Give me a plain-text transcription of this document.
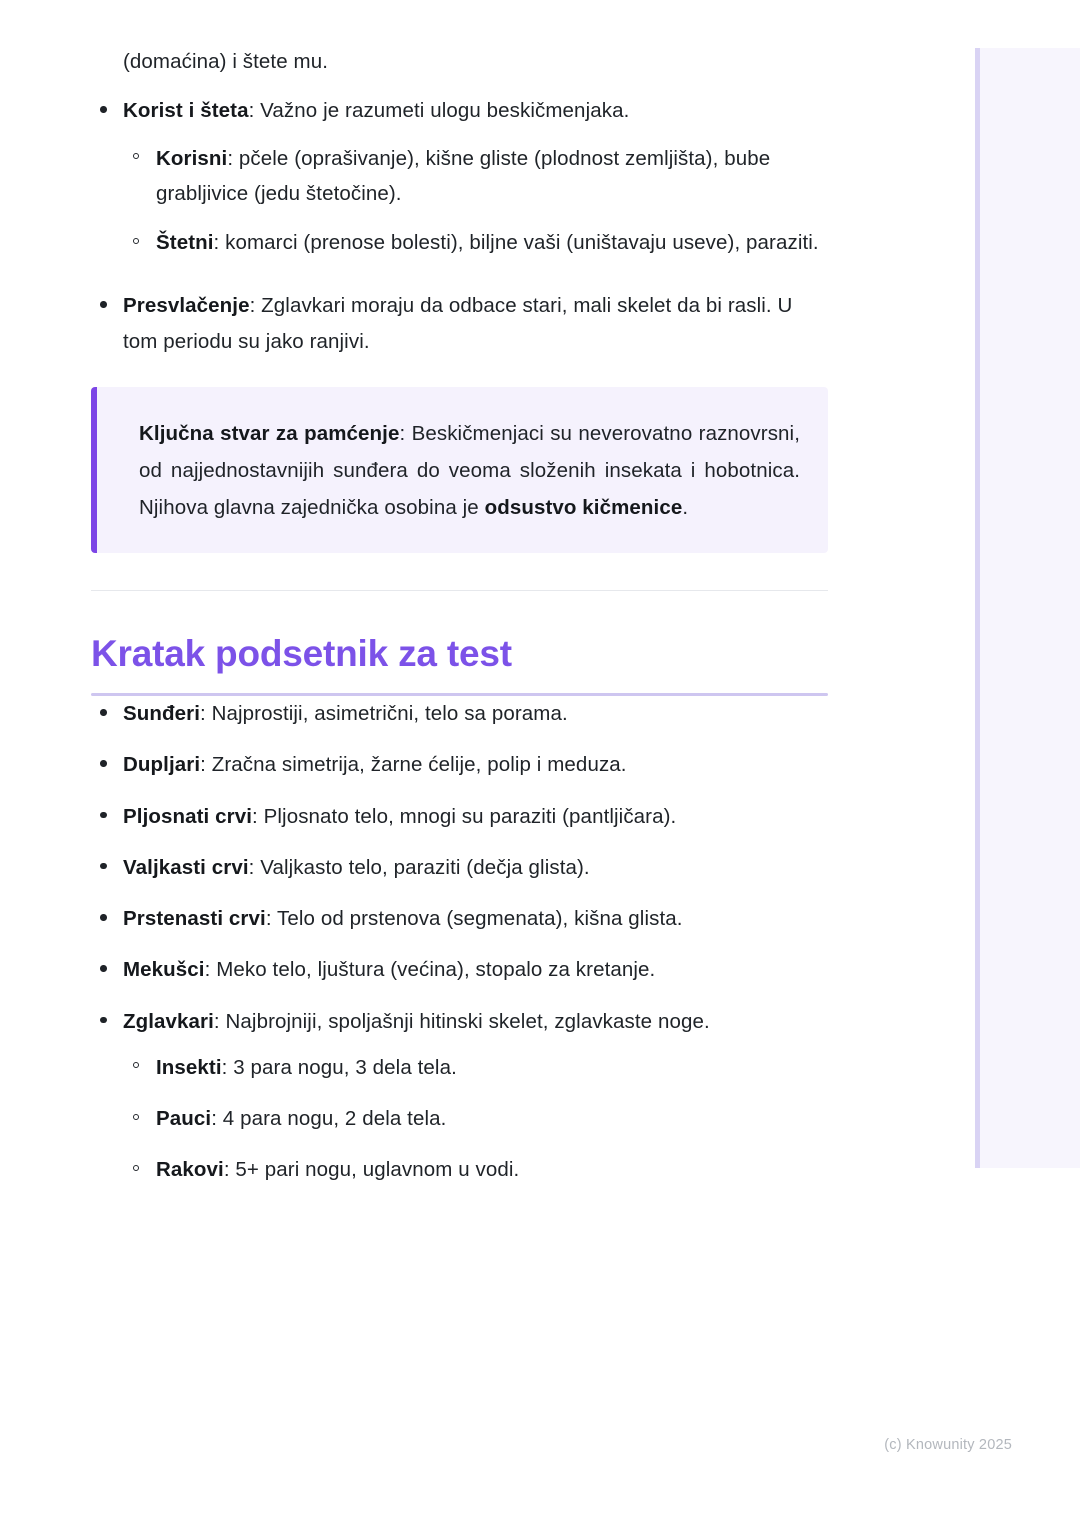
(domaćina) i štete mu.

Korist i šteta: Važno je razumeti ulogu beskičmenjaka.
Korisni: pčele (oprašivanje), kišne gliste (plodnost zemljišta), bube grabljivice (jedu štetočine).
Štetni: komarci (prenose bolesti), biljne vaši (uništavaju useve), paraziti.
Presvlačenje: Zglavkari moraju da odbace stari, mali skelet da bi rasli. U tom periodu su jako ranjivi.

Ključna stvar za pamćenje: Beskičmenjaci su neverovatno raznovrsni, od najjednostavnijih sunđera do veoma složenih insekata i hobotnica. Njihova glavna zajednička osobina je odsustvo kičmenice.

Kratak podsetnik za test
Sunđeri: Najprostiji, asimetrični, telo sa porama.
Dupljari: Zračna simetrija, žarne ćelije, polip i meduza.
Pljosnati crvi: Pljosnato telo, mnogi su paraziti (pantljičara).
Valjkasti crvi: Valjkasto telo, paraziti (dečja glista).
Prstenasti crvi: Telo od prstenova (segmenata), kišna glista.
Mekušci: Meko telo, ljuštura (većina), stopalo za kretanje.
Zglavkari: Najbrojniji, spoljašnji hitinski skelet, zglavkaste noge.
Insekti: 3 para nogu, 3 dela tela.
Pauci: 4 para nogu, 2 dela tela.
Rakovi: 5+ pari nogu, uglavnom u vodi.
(c) Knowunity 2025
